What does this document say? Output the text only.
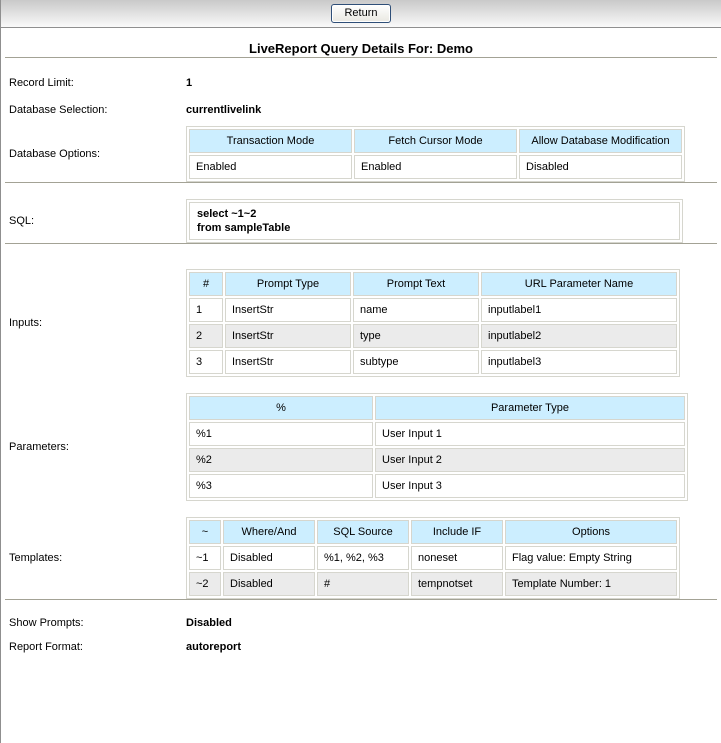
Return
LiveReport Query Details For: Demo
Record Limit:	1
Database Selection:	currentlivelink
Database Options:
Transaction Mode	Fetch Cursor Mode	Allow Database Modification
Enabled	Enabled	Disabled
SQL:
select ~1~2
from sampleTable
Inputs:
#	Prompt Type	Prompt Text	URL Parameter Name
1	InsertStr	name	inputlabel1
2	InsertStr	type	inputlabel2
3	InsertStr	subtype	inputlabel3
Parameters:
%	Parameter Type
%1	User Input 1
%2	User Input 2
%3	User Input 3
Templates:
~	Where/And	SQL Source	Include IF	Options
~1	Disabled	%1, %2, %3	noneset	Flag value: Empty String
~2	Disabled	#	tempnotset	Template Number: 1
Show Prompts:	Disabled
Report Format:	autoreport
